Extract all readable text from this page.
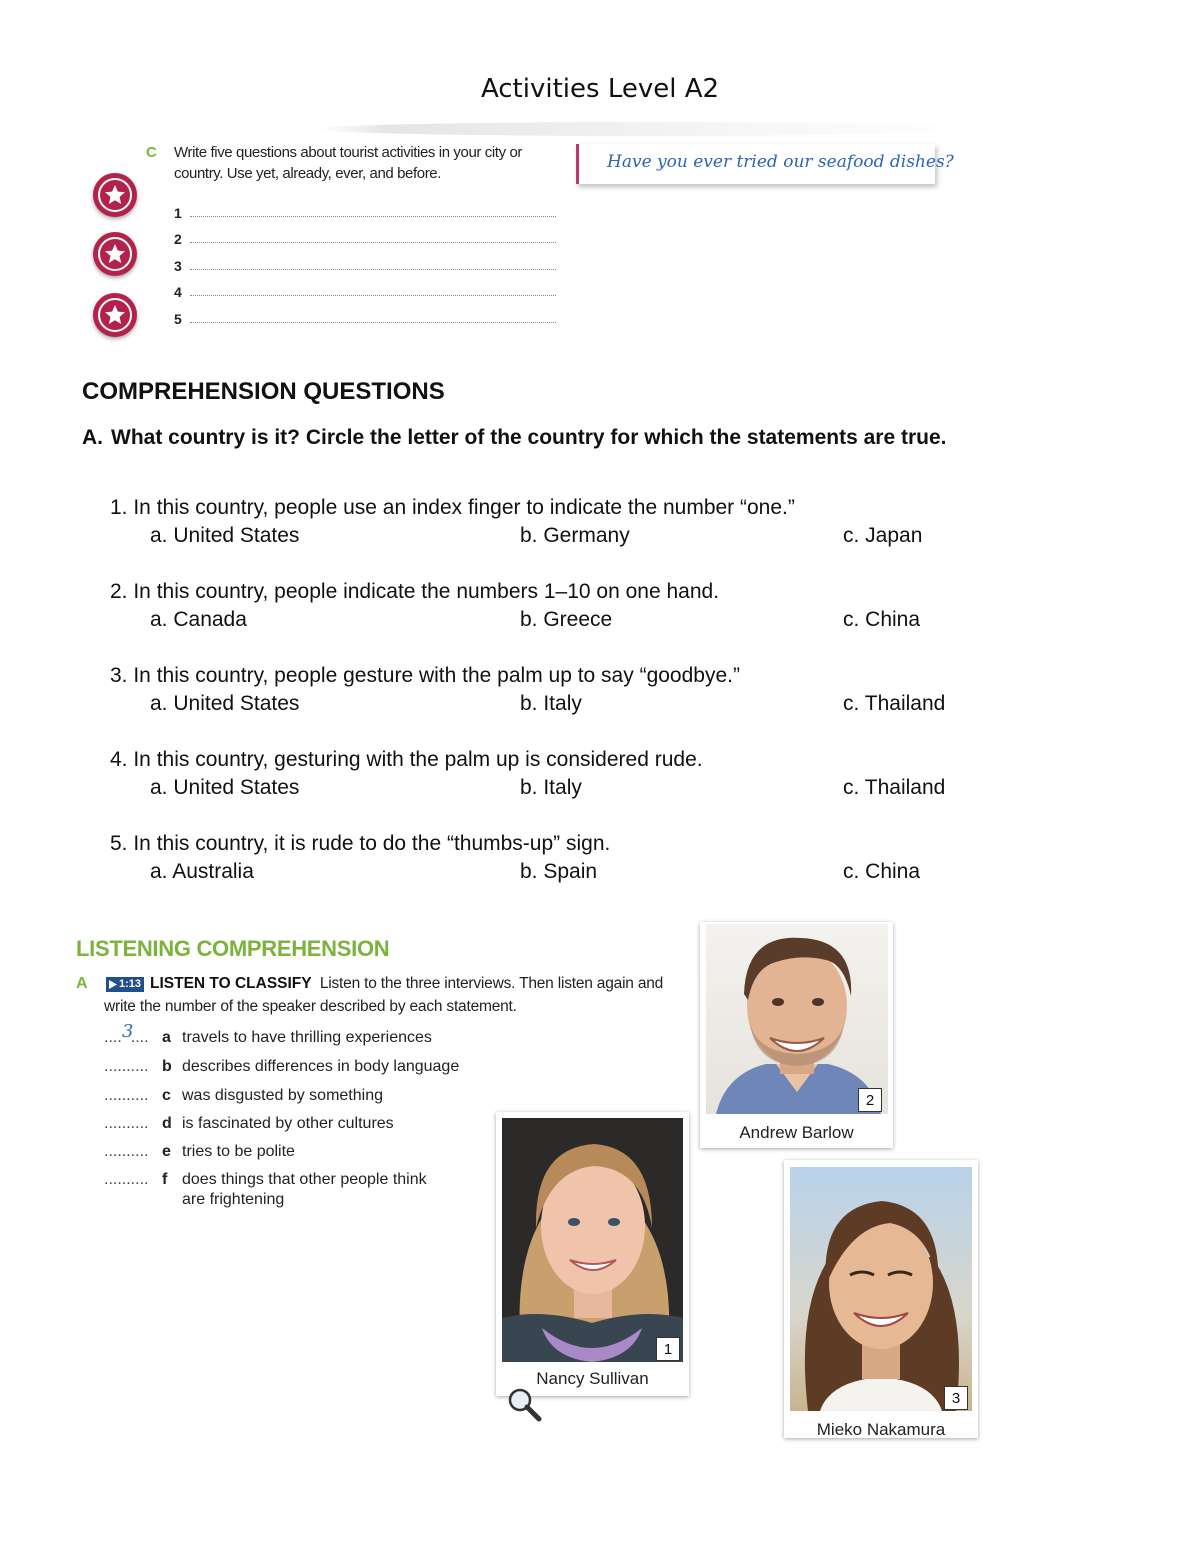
Activities Level A2
C Write five questions about tourist activities in your city or country. Use yet, already, ever, and before.
1
2
3
4
5
Have you ever tried our seafood dishes?
COMPREHENSION QUESTIONS
A. What country is it? Circle the letter of the country for which the statements are true.
1. In this country, people use an index finger to indicate the number “one.”
a. United States	b. Germany	c. Japan
2. In this country, people indicate the numbers 1–10 on one hand.
a. Canada	b. Greece	c. China
3. In this country, people gesture with the palm up to say “goodbye.”
a. United States	b. Italy	c. Thailand
4. In this country, gesturing with the palm up is considered rude.
a. United States	b. Italy	c. Thailand
5. In this country, it is rude to do the “thumbs-up” sign.
a. Australia	b. Spain	c. China
LISTENING COMPREHENSION
A	1:13 LISTEN TO CLASSIFY Listen to the three interviews. Then listen again and write the number of the speaker described by each statement.
.... ....
3 a travels to have thrilling experiences
.......... b describes differences in body language
.......... c was disgusted by something
.......... d is fascinated by other cultures
.......... e tries to be polite
.......... f does things that other people think are frightening
2
Andrew Barlow
1
Nancy Sullivan
3
Mieko Nakamura
